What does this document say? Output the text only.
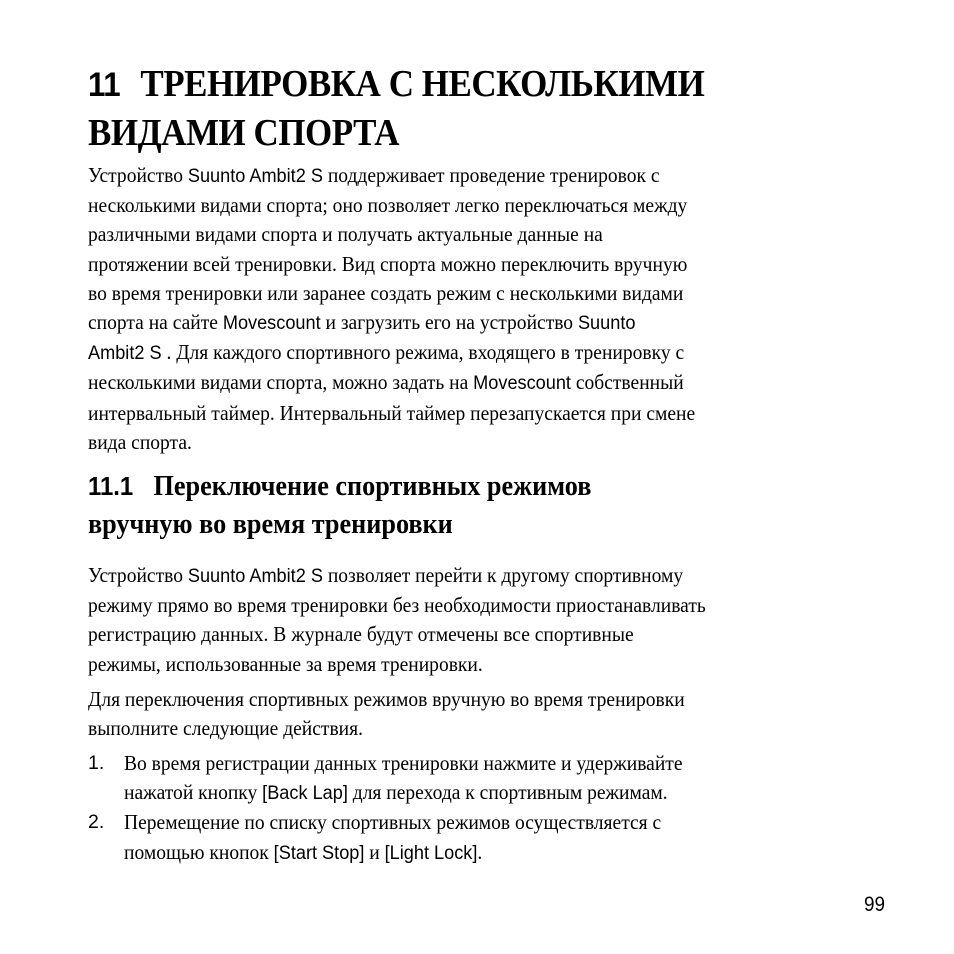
11 ТРЕНИРОВКА С НЕСКОЛЬКИМИ
ВИДАМИ СПОРТА
Устройство Suunto Ambit2 S поддерживает проведение тренировок с
несколькими видами спорта; оно позволяет легко переключаться между
различными видами спорта и получать актуальные данные на
протяжении всей тренировки. Вид спорта можно переключить вручную
во время тренировки или заранее создать режим с несколькими видами
спорта на сайте Movescount и загрузить его на устройство Suunto
Ambit2 S . Для каждого спортивного режима, входящего в тренировку с
несколькими видами спорта, можно задать на Movescount собственный
интервальный таймер. Интервальный таймер перезапускается при смене
вида спорта.
11.1 Переключение спортивных режимов
вручную во время тренировки
Устройство Suunto Ambit2 S позволяет перейти к другому спортивному
режиму прямо во время тренировки без необходимости приостанавливать
регистрацию данных. В журнале будут отмечены все спортивные
режимы, использованные за время тренировки.
Для переключения спортивных режимов вручную во время тренировки
выполните следующие действия.
1. Во время регистрации данных тренировки нажмите и удерживайте
нажатой кнопку [Back Lap] для перехода к спортивным режимам.
2. Перемещение по списку спортивных режимов осуществляется с
помощью кнопок [Start Stop] и [Light Lock].
99
